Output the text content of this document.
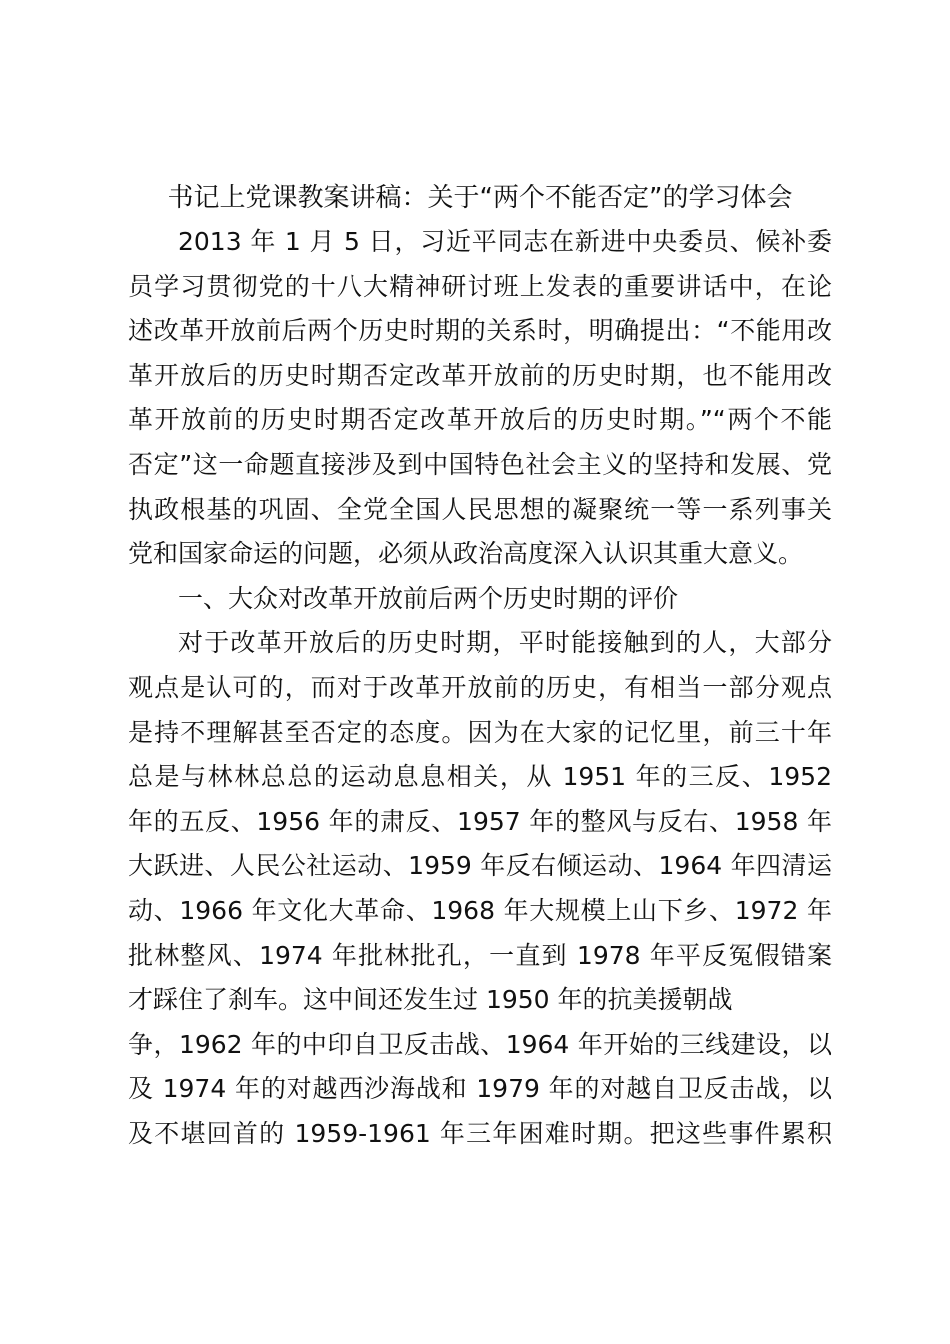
书记上党课教案讲稿：关于“两个不能否定”的学习体会

2013 年 1 月 5 日，习近平同志在新进中央委员、候补委
员学习贯彻党的十八大精神研讨班上发表的重要讲话中，在论
述改革开放前后两个历史时期的关系时，明确提出：“不能用改
革开放后的历史时期否定改革开放前的历史时期，也不能用改
革开放前的历史时期否定改革开放后的历史时期。”“两个不能
否定”这一命题直接涉及到中国特色社会主义的坚持和发展、党
执政根基的巩固、全党全国人民思想的凝聚统一等一系列事关
党和国家命运的问题，必须从政治高度深入认识其重大意义。

一、大众对改革开放前后两个历史时期的评价

对于改革开放后的历史时期，平时能接触到的人，大部分
观点是认可的，而对于改革开放前的历史，有相当一部分观点
是持不理解甚至否定的态度。因为在大家的记忆里，前三十年
总是与林林总总的运动息息相关，从 1951 年的三反、1952
年的五反、1956 年的肃反、1957 年的整风与反右、1958 年
大跃进、人民公社运动、1959 年反右倾运动、1964 年四清运
动、1966 年文化大革命、1968 年大规模上山下乡、1972 年
批林整风、1974 年批林批孔，一直到 1978 年平反冤假错案
才踩住了刹车。这中间还发生过 1950 年的抗美援朝战
争，1962 年的中印自卫反击战、1964 年开始的三线建设，以
及 1974 年的对越西沙海战和 1979 年的对越自卫反击战，以
及不堪回首的 1959-1961 年三年困难时期。把这些事件累积
